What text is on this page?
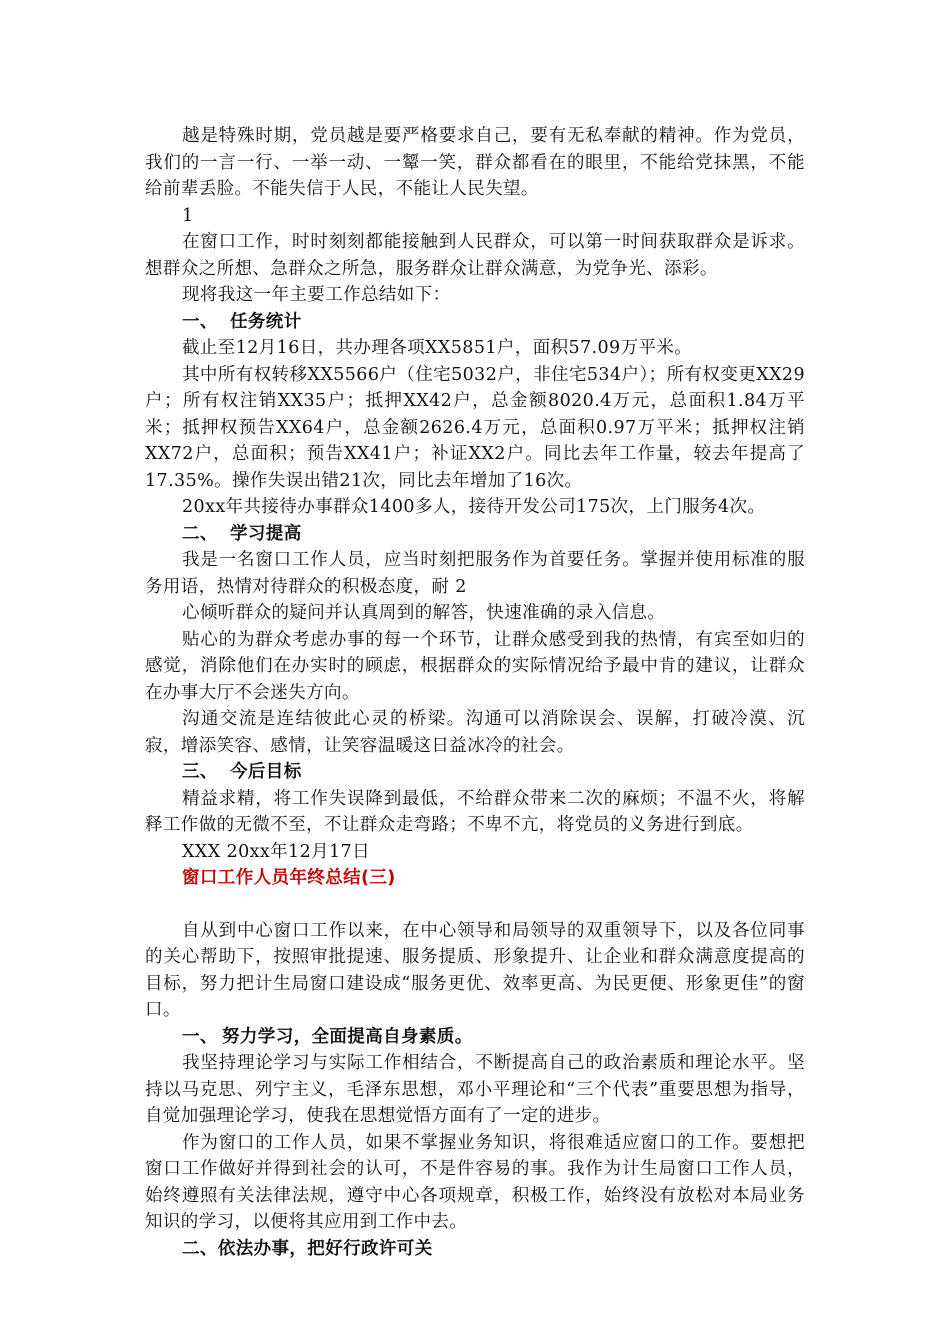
越是特殊时期，党员越是要严格要求自己，要有无私奉献的精神。作为党员，我们的一言一行、一举一动、一颦一笑，群众都看在的眼里，不能给党抹黑，不能给前辈丢脸。不能失信于人民，不能让人民失望。

1

在窗口工作，时时刻刻都能接触到人民群众，可以第一时间获取群众是诉求。想群众之所想、急群众之所急，服务群众让群众满意，为党争光、添彩。

现将我这一年主要工作总结如下：

一、 任务统计

截止至12月16日，共办理各项XX5851户，面积57.09万平米。

其中所有权转移XX5566户（住宅5032户，非住宅534户）；所有权变更XX29户；所有权注销XX35户；抵押XX42户，总金额8020.4万元，总面积1.84万平米；抵押权预告XX64户，总金额2626.4万元，总面积0.97万平米；抵押权注销XX72户，总面积；预告XX41户；补证XX2户。同比去年工作量，较去年提高了17.35%。操作失误出错21次，同比去年增加了16次。

20xx年共接待办事群众1400多人，接待开发公司175次，上门服务4次。

二、 学习提高

我是一名窗口工作人员，应当时刻把服务作为首要任务。掌握并使用标准的服务用语，热情对待群众的积极态度，耐 2

心倾听群众的疑问并认真周到的解答，快速准确的录入信息。

贴心的为群众考虑办事的每一个环节，让群众感受到我的热情，有宾至如归的感觉，消除他们在办实时的顾虑，根据群众的实际情况给予最中肯的建议，让群众在办事大厅不会迷失方向。

沟通交流是连结彼此心灵的桥梁。沟通可以消除误会、误解，打破冷漠、沉寂，增添笑容、感情，让笑容温暖这日益冰冷的社会。

三、 今后目标

精益求精，将工作失误降到最低，不给群众带来二次的麻烦；不温不火，将解释工作做的无微不至，不让群众走弯路；不卑不亢，将党员的义务进行到底。

XXX 20xx年12月17日

窗口工作人员年终总结(三)

自从到中心窗口工作以来，在中心领导和局领导的双重领导下，以及各位同事的关心帮助下，按照审批提速、服务提质、形象提升、让企业和群众满意度提高的目标，努力把计生局窗口建设成“服务更优、效率更高、为民更便、形象更佳”的窗口。

一、 努力学习，全面提高自身素质。

我坚持理论学习与实际工作相结合，不断提高自己的政治素质和理论水平。坚持以马克思、列宁主义，毛泽东思想，邓小平理论和“三个代表”重要思想为指导，自觉加强理论学习，使我在思想觉悟方面有了一定的进步。

作为窗口的工作人员，如果不掌握业务知识，将很难适应窗口的工作。要想把窗口工作做好并得到社会的认可，不是件容易的事。我作为计生局窗口工作人员，始终遵照有关法律法规，遵守中心各项规章，积极工作，始终没有放松对本局业务知识的学习，以便将其应用到工作中去。

二、依法办事，把好行政许可关
